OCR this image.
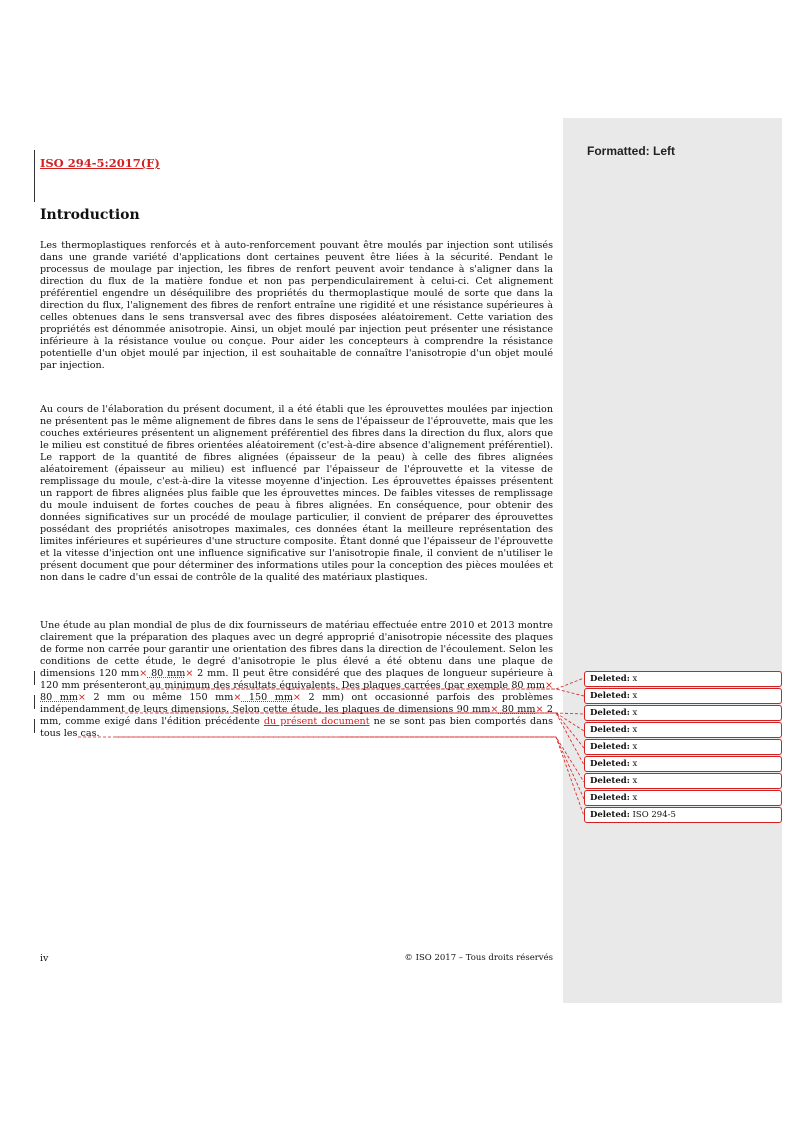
Formatted: Left
ISO 294-5:2017(F)
Introduction

Les thermoplastiques renforcés et à auto-renforcement pouvant être moulés par injection sont utilisés dans une grande variété d'applications dont certaines peuvent être liées à la sécurité. Pendant le processus de moulage par injection, les fibres de renfort peuvent avoir tendance à s'aligner dans la direction du flux de la matière fondue et non pas perpendiculairement à celui-ci. Cet alignement préférentiel engendre un déséquilibre des propriétés du thermoplastique moulé de sorte que dans la direction du flux, l'alignement des fibres de renfort entraîne une rigidité et une résistance supérieures à celles obtenues dans le sens transversal avec des fibres disposées aléatoirement. Cette variation des propriétés est dénommée anisotropie. Ainsi, un objet moulé par injection peut présenter une résistance inférieure à la résistance voulue ou conçue. Pour aider les concepteurs à comprendre la résistance potentielle d'un objet moulé par injection, il est souhaitable de connaître l'anisotropie d'un objet moulé par injection.

Au cours de l'élaboration du présent document, il a été établi que les éprouvettes moulées par injection ne présentent pas le même alignement de fibres dans le sens de l'épaisseur de l'éprouvette, mais que les couches extérieures présentent un alignement préférentiel des fibres dans la direction du flux, alors que le milieu est constitué de fibres orientées aléatoirement (c'est-à-dire absence d'alignement préférentiel). Le rapport de la quantité de fibres alignées (épaisseur de la peau) à celle des fibres alignées aléatoirement (épaisseur au milieu) est influencé par l'épaisseur de l'éprouvette et la vitesse de remplissage du moule, c'est-à-dire la vitesse moyenne d'injection. Les éprouvettes épaisses présentent un rapport de fibres alignées plus faible que les éprouvettes minces. De faibles vitesses de remplissage du moule induisent de fortes couches de peau à fibres alignées. En conséquence, pour obtenir des données significatives sur un procédé de moulage particulier, il convient de préparer des éprouvettes possédant des propriétés anisotropes maximales, ces données étant la meilleure représentation des limites inférieures et supérieures d'une structure composite. Étant donné que l'épaisseur de l'éprouvette et la vitesse d'injection ont une influence significative sur l'anisotropie finale, il convient de n'utiliser le présent document que pour déterminer des informations utiles pour la conception des pièces moulées et non dans le cadre d'un essai de contrôle de la qualité des matériaux plastiques.

Une étude au plan mondial de plus de dix fournisseurs de matériau effectuée entre 2010 et 2013 montre clairement que la préparation des plaques avec un degré approprié d'anisotropie nécessite des plaques de forme non carrée pour garantir une orientation des fibres dans la direction de l'écoulement. Selon les conditions de cette étude, le degré d'anisotropie le plus élevé a été obtenu dans une plaque de dimensions 120 mm× 80 mm× 2 mm. Il peut être considéré que des plaques de longueur supérieure à 120 mm présenteront au minimum des résultats équivalents. Des plaques carrées (par exemple 80 mm× 80 mm× 2 mm ou même 150 mm× 150 mm× 2 mm) ont occasionné parfois des problèmes indépendamment de leurs dimensions. Selon cette étude, les plaques de dimensions 90 mm× 80 mm× 2 mm, comme exigé dans l'édition précédente du présent document ne se sont pas bien comportés dans tous les cas.

iv	© ISO 2017 – Tous droits réservés
Deleted: x
Deleted: x
Deleted: x
Deleted: x
Deleted: x
Deleted: x
Deleted: x
Deleted: x
Deleted: ISO 294-5
